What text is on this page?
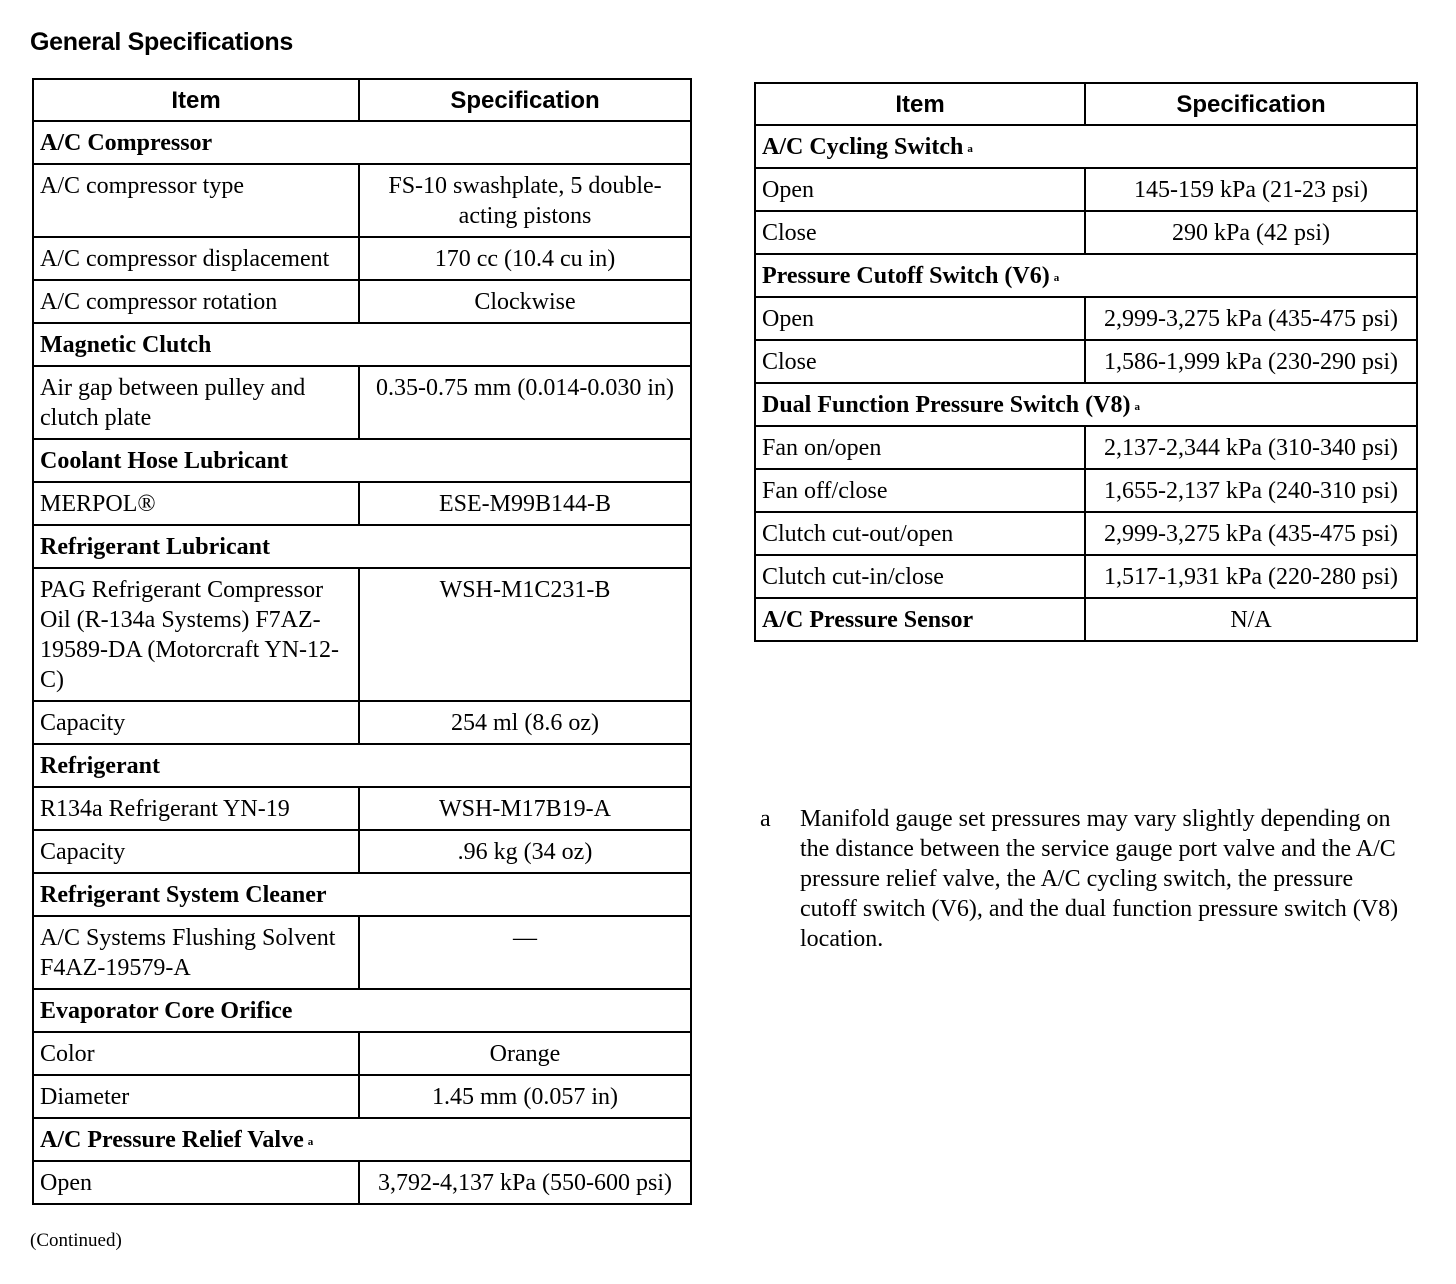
General Specifications
Item	Specification
A/C Compressor	
A/C compressor type	FS-10 swashplate, 5 double-acting pistons
A/C compressor displacement	170 cc (10.4 cu in)
A/C compressor rotation	Clockwise
Magnetic Clutch	
Air gap between pulley and clutch plate	0.35-0.75 mm (0.014-0.030 in)
Coolant Hose Lubricant	
MERPOL®	ESE-M99B144-B
Refrigerant Lubricant	
PAG Refrigerant Compressor Oil (R-134a Systems) F7AZ-19589-DA (Motorcraft YN-12-C)	WSH-M1C231-B
Capacity	254 ml (8.6 oz)
Refrigerant	
R134a Refrigerant YN-19	WSH-M17B19-A
Capacity	.96 kg (34 oz)
Refrigerant System Cleaner	
A/C Systems Flushing Solvent F4AZ-19579-A	—
Evaporator Core Orifice	
Color	Orange
Diameter	1.45 mm (0.057 in)
A/C Pressure Relief Valve $^a$
Open	3,792-4,137 kPa (550-600 psi)
Item	Specification
A/C Cycling Switch $^a$
Open	145-159 kPa (21-23 psi)
Close	290 kPa (42 psi)
Pressure Cutoff Switch (V6) $^a$
Open	2,999-3,275 kPa (435-475 psi)
Close	1,586-1,999 kPa (230-290 psi)
Dual Function Pressure Switch (V8) $^a$
Fan on/open	2,137-2,344 kPa (310-340 psi)
Fan off/close	1,655-2,137 kPa (240-310 psi)
Clutch cut-out/open	2,999-3,275 kPa (435-475 psi)
Clutch cut-in/close	1,517-1,931 kPa (220-280 psi)
A/C Pressure Sensor	N/A
a Manifold gauge set pressures may vary slightly depending on the distance between the service gauge port valve and the A/C pressure relief valve, the A/C cycling switch, the pressure cutoff switch (V6), and the dual function pressure switch (V8) location.
(Continued)
